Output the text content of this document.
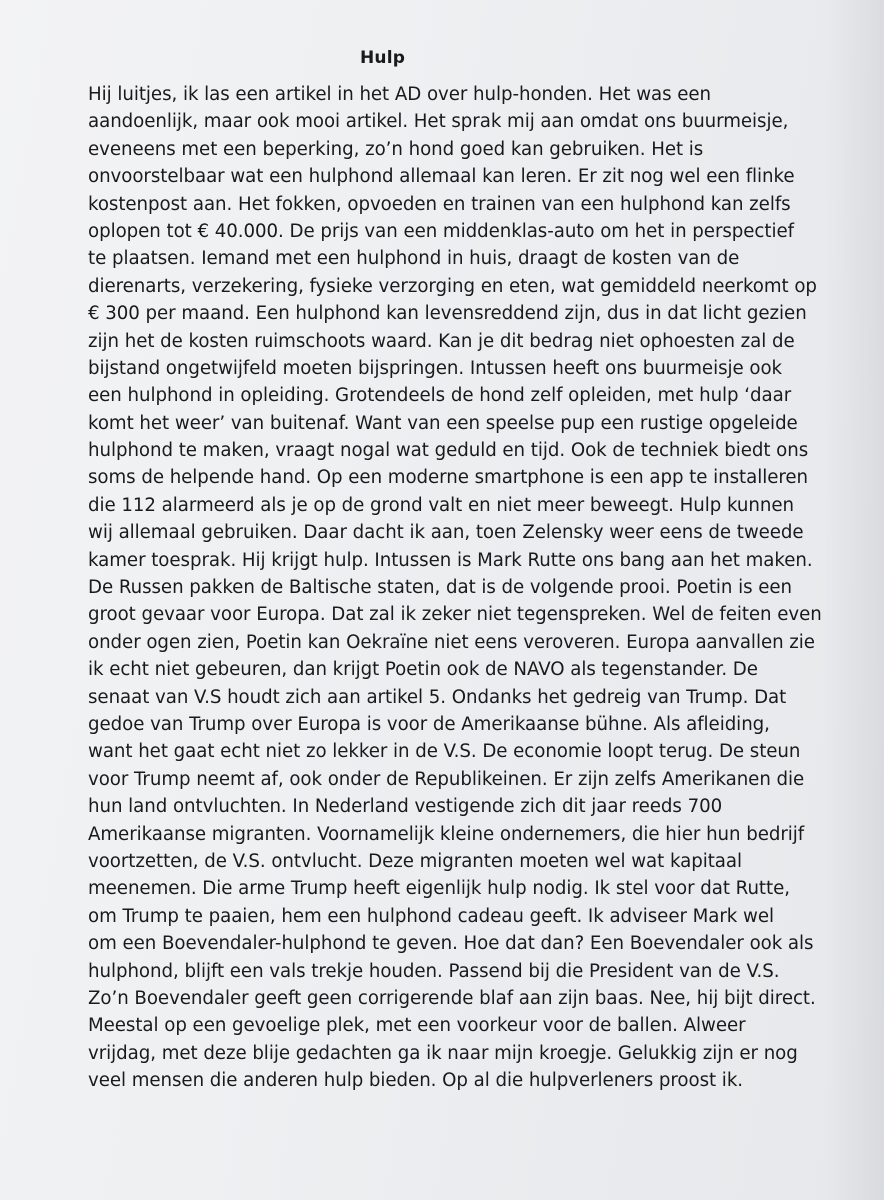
Hulp
Hij luitjes, ik las een artikel in het AD over hulp-honden. Het was een
aandoenlijk, maar ook mooi artikel. Het sprak mij aan omdat ons buurmeisje,
eveneens met een beperking, zo’n hond goed kan gebruiken. Het is
onvoorstelbaar wat een hulphond allemaal kan leren. Er zit nog wel een flinke
kostenpost aan. Het fokken, opvoeden en trainen van een hulphond kan zelfs
oplopen tot € 40.000. De prijs van een middenklas-auto om het in perspectief
te plaatsen. Iemand met een hulphond in huis, draagt de kosten van de
dierenarts, verzekering, fysieke verzorging en eten, wat gemiddeld neerkomt op
€ 300 per maand. Een hulphond kan levensreddend zijn, dus in dat licht gezien
zijn het de kosten ruimschoots waard. Kan je dit bedrag niet ophoesten zal de
bijstand ongetwijfeld moeten bijspringen. Intussen heeft ons buurmeisje ook
een hulphond in opleiding. Grotendeels de hond zelf opleiden, met hulp ‘daar
komt het weer’ van buitenaf. Want van een speelse pup een rustige opgeleide
hulphond te maken, vraagt nogal wat geduld en tijd. Ook de techniek biedt ons
soms de helpende hand. Op een moderne smartphone is een app te installeren
die 112 alarmeerd als je op de grond valt en niet meer beweegt. Hulp kunnen
wij allemaal gebruiken. Daar dacht ik aan, toen Zelensky weer eens de tweede
kamer toesprak. Hij krijgt hulp. Intussen is Mark Rutte ons bang aan het maken.
De Russen pakken de Baltische staten, dat is de volgende prooi. Poetin is een
groot gevaar voor Europa. Dat zal ik zeker niet tegenspreken. Wel de feiten even
onder ogen zien, Poetin kan Oekraïne niet eens veroveren. Europa aanvallen zie
ik echt niet gebeuren, dan krijgt Poetin ook de NAVO als tegenstander. De
senaat van V.S houdt zich aan artikel 5. Ondanks het gedreig van Trump. Dat
gedoe van Trump over Europa is voor de Amerikaanse bühne. Als afleiding,
want het gaat echt niet zo lekker in de V.S. De economie loopt terug. De steun
voor Trump neemt af, ook onder de Republikeinen. Er zijn zelfs Amerikanen die
hun land ontvluchten. In Nederland vestigende zich dit jaar reeds 700
Amerikaanse migranten. Voornamelijk kleine ondernemers, die hier hun bedrijf
voortzetten, de V.S. ontvlucht. Deze migranten moeten wel wat kapitaal
meenemen. Die arme Trump heeft eigenlijk hulp nodig. Ik stel voor dat Rutte,
om Trump te paaien, hem een hulphond cadeau geeft. Ik adviseer Mark wel
om een Boevendaler-hulphond te geven. Hoe dat dan? Een Boevendaler ook als
hulphond, blijft een vals trekje houden. Passend bij die President van de V.S.
Zo’n Boevendaler geeft geen corrigerende blaf aan zijn baas. Nee, hij bijt direct.
Meestal op een gevoelige plek, met een voorkeur voor de ballen. Alweer
vrijdag, met deze blije gedachten ga ik naar mijn kroegje. Gelukkig zijn er nog
veel mensen die anderen hulp bieden. Op al die hulpverleners proost ik.
